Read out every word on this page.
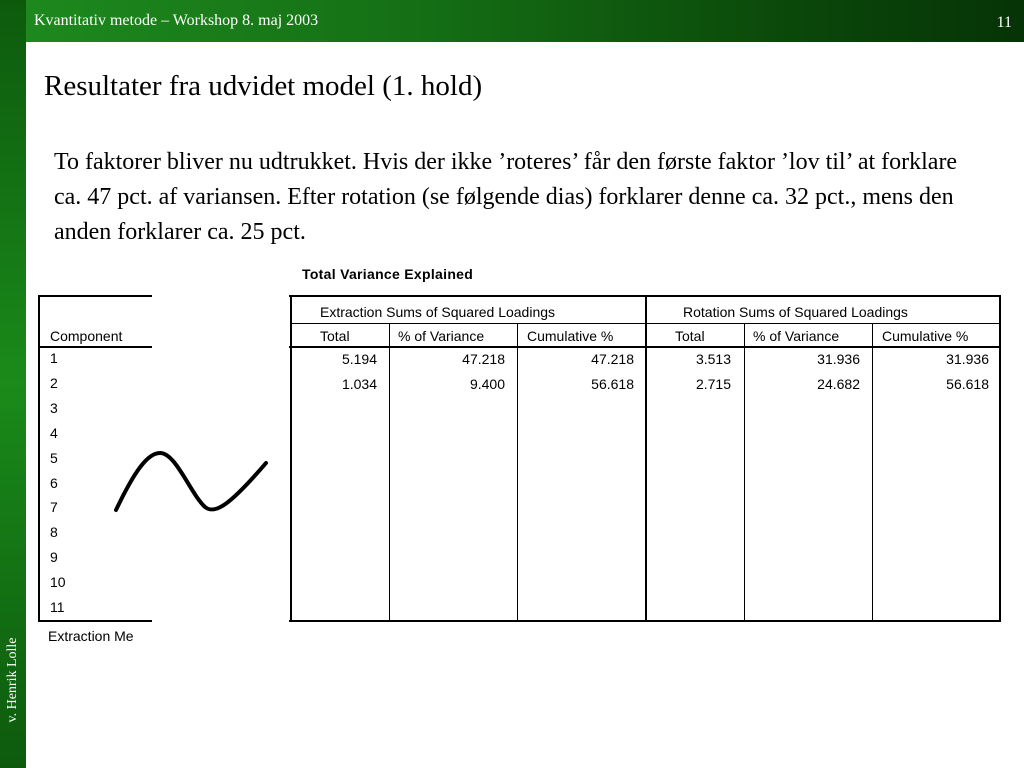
Kvantitativ metode – Workshop 8. maj 2003	11
v. Henrik Lolle
Resultater fra udvidet model (1. hold)
To faktorer bliver nu udtrukket. Hvis der ikke ’roteres’ får den første faktor ’lov til’ at forklare ca. 47 pct. af variansen. Efter rotation (se følgende dias) forklarer denne ca. 32 pct., mens den anden forklarer ca. 25 pct.
Total Variance Explained
Extraction Sums of Squared Loadings	Rotation Sums of Squared Loadings
Component	Total	% of Variance	Cumulative %	Total	% of Variance	Cumulative %
1	5.194	47.218	47.218	3.513	31.936	31.936
2	1.034	9.400	56.618	2.715	24.682	56.618
3
4
5
6
7
8
9
10
11
Extraction Me
